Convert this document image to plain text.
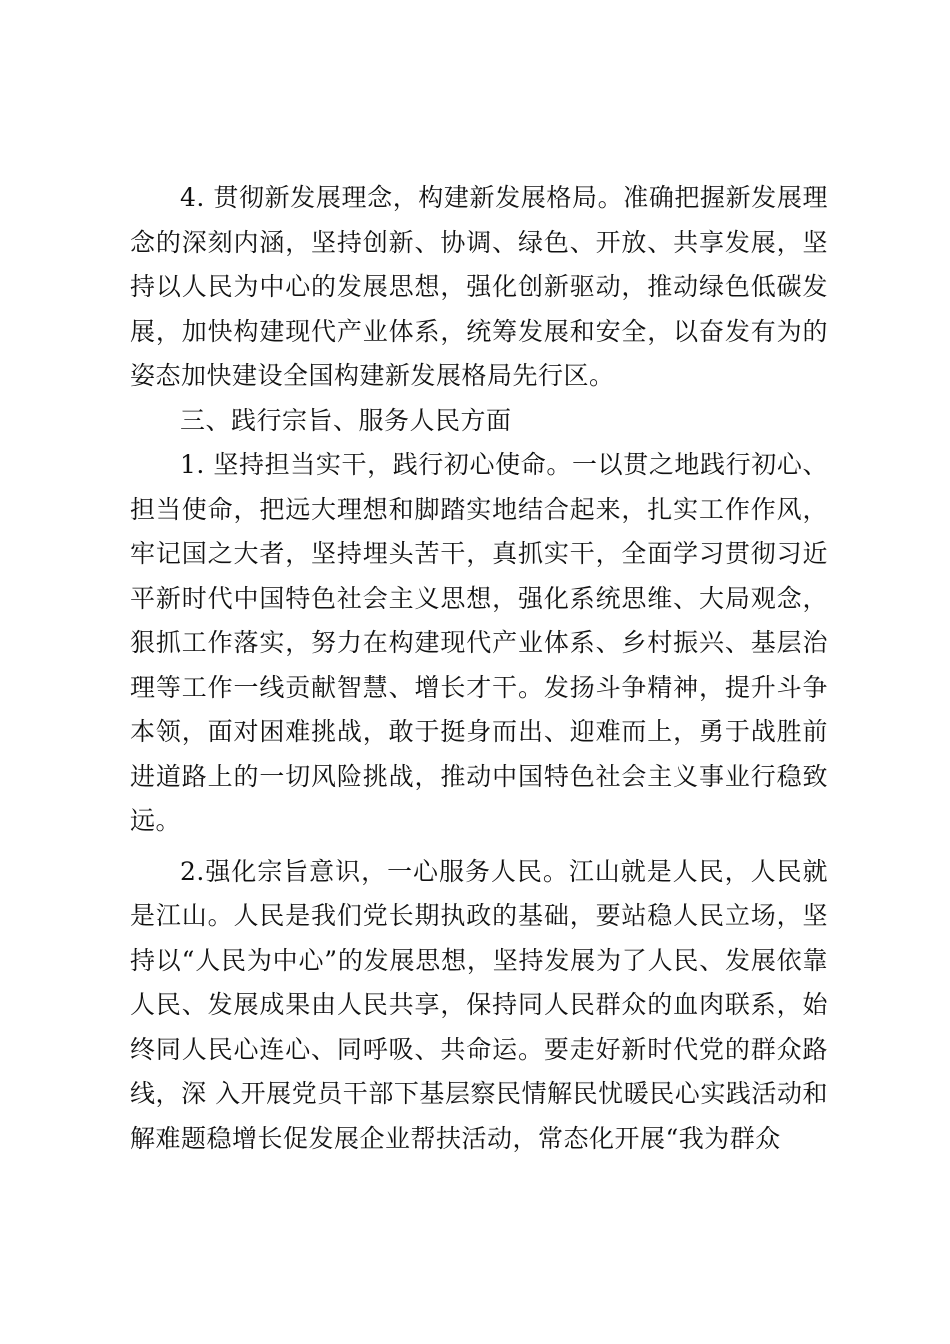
4. 贯彻新发展理念，构建新发展格局。准确把握新发展理念的深刻内涵，坚持创新、协调、绿色、开放、共享发展，坚持以人民为中心的发展思想，强化创新驱动，推动绿色低碳发展，加快构建现代产业体系，统筹发展和安全，以奋发有为的姿态加快建设全国构建新发展格局先行区。

三、践行宗旨、服务人民方面

1. 坚持担当实干，践行初心使命。一以贯之地践行初心、担当使命，把远大理想和脚踏实地结合起来，扎实工作作风，牢记国之大者，坚持埋头苦干，真抓实干，全面学习贯彻习近平新时代中国特色社会主义思想，强化系统思维、大局观念，狠抓工作落实，努力在构建现代产业体系、乡村振兴、基层治理等工作一线贡献智慧、增长才干。发扬斗争精神，提升斗争本领，面对困难挑战，敢于挺身而出、迎难而上，勇于战胜前进道路上的一切风险挑战，推动中国特色社会主义事业行稳致远。

2.强化宗旨意识，一心服务人民。江山就是人民，人民就是江山。人民是我们党长期执政的基础，要站稳人民立场，坚持以“人民为中心”的发展思想，坚持发展为了人民、发展依靠人民、发展成果由人民共享，保持同人民群众的血肉联系，始终同人民心连心、同呼吸、共命运。要走好新时代党的群众路线，深 入开展党员干部下基层察民情解民忧暖民心实践活动和解难题稳增长促发展企业帮扶活动，常态化开展“我为群众
